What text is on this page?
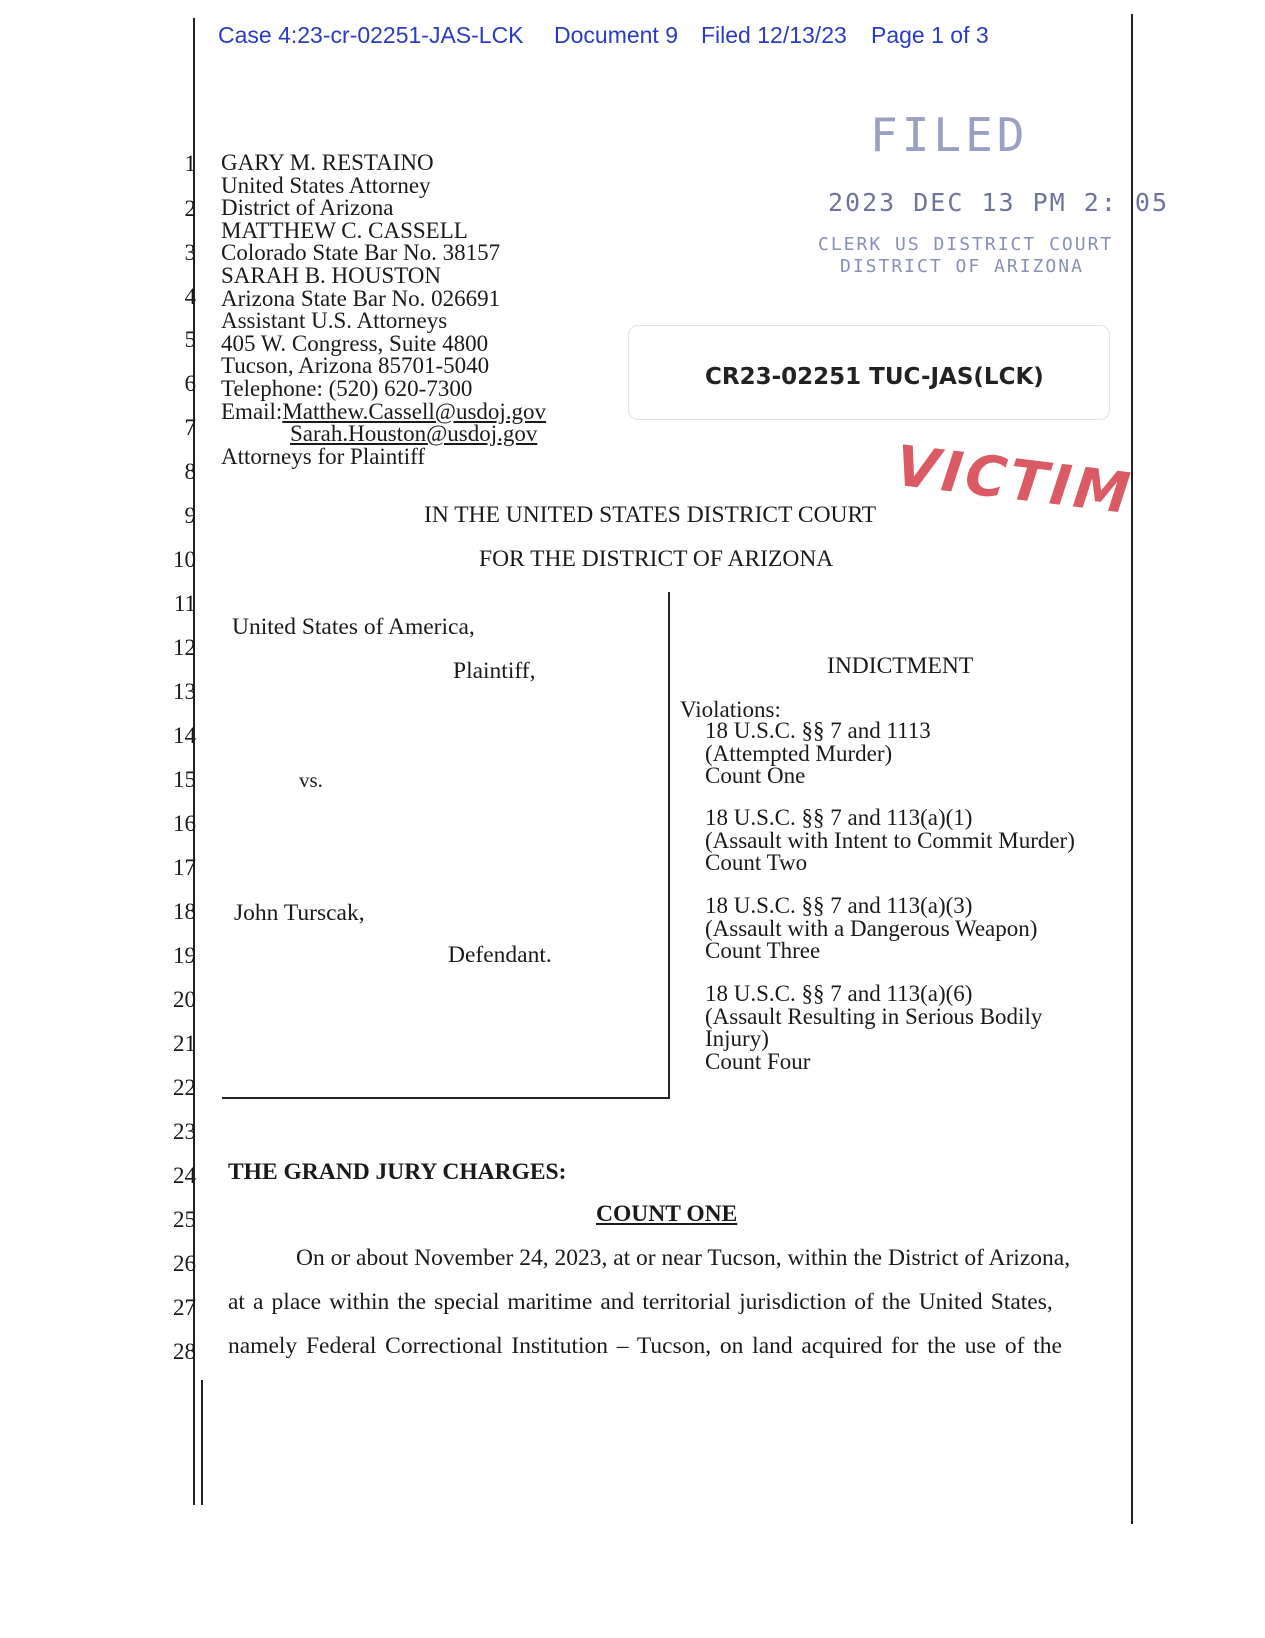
Case 4:23-cr-02251-JAS-LCK Document 9 Filed 12/13/23 Page 1 of 3
1
2
3
4
5
6
7
8
9
10
11
12
13
14
15
16
17
18
19
20
21
22
23
24
25
26
27
28
GARY M. RESTAINO
United States Attorney
District of Arizona
MATTHEW C. CASSELL
Colorado State Bar No. 38157
SARAH B. HOUSTON
Arizona State Bar No. 026691
Assistant U.S. Attorneys
405 W. Congress, Suite 4800
Tucson, Arizona 85701-5040
Telephone: (520) 620-7300
Email:Matthew.Cassell@usdoj.gov
Sarah.Houston@usdoj.gov
Attorneys for Plaintiff
FILED
2023 DEC 13 PM 2: 05
CLERK US DISTRICT COURT
DISTRICT OF ARIZONA
CR23-02251 TUC-JAS(LCK)
VICTIM
IN THE UNITED STATES DISTRICT COURT
FOR THE DISTRICT OF ARIZONA
United States of America,
Plaintiff,
vs.
John Turscak,
Defendant.
INDICTMENT
Violations:
18 U.S.C. §§ 7 and 1113
(Attempted Murder)
Count One
18 U.S.C. §§ 7 and 113(a)(1)
(Assault with Intent to Commit Murder)
Count Two
18 U.S.C. §§ 7 and 113(a)(3)
(Assault with a Dangerous Weapon)
Count Three
18 U.S.C. §§ 7 and 113(a)(6)
(Assault Resulting in Serious Bodily
Injury)
Count Four
THE GRAND JURY CHARGES:
COUNT ONE
On or about November 24, 2023, at or near Tucson, within the District of Arizona,
at a place within the special maritime and territorial jurisdiction of the United States,
namely Federal Correctional Institution – Tucson, on land acquired for the use of the
